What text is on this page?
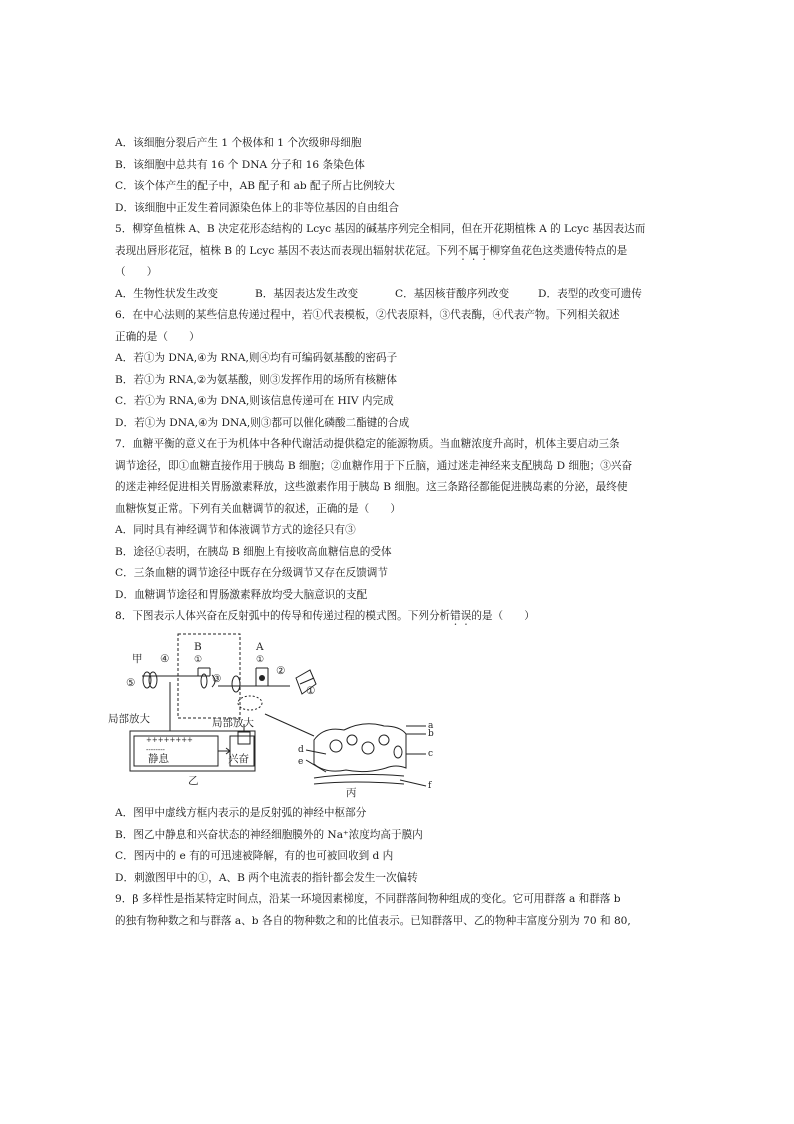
A．该细胞分裂后产生 1 个极体和 1 个次级卵母细胞
B．该细胞中总共有 16 个 DNA 分子和 16 条染色体
C．该个体产生的配子中，AB 配子和 ab 配子所占比例较大
D．该细胞中正发生着同源染色体上的非等位基因的自由组合
5．柳穿鱼植株 A、B 决定花形态结构的 Lcyc 基因的碱基序列完全相同，但在开花期植株 A 的 Lcyc 基因表达而
表现出唇形花冠，植株 B 的 Lcyc 基因不表达而表现出辐射状花冠。下列不属于柳穿鱼花色这类遗传特点的是
（　　）
A．生物性状发生改变	B．基因表达发生改变	C．基因核苷酸序列改变	D．表型的改变可遗传
6．在中心法则的某些信息传递过程中，若①代表模板，②代表原料，③代表酶，④代表产物。下列相关叙述
正确的是（　　）
A．若①为 DNA,④为 RNA,则④均有可编码氨基酸的密码子
B．若①为 RNA,②为氨基酸，则③发挥作用的场所有核糖体
C．若①为 RNA,④为 DNA,则该信息传递可在 HIV 内完成
D．若①为 DNA,④为 DNA,则③都可以催化磷酸二酯键的合成
7．血糖平衡的意义在于为机体中各种代谢活动提供稳定的能源物质。当血糖浓度升高时，机体主要启动三条
调节途径，即①血糖直接作用于胰岛 B 细胞；②血糖作用于下丘脑，通过迷走神经来支配胰岛 D 细胞；③兴奋
的迷走神经促进相关胃肠激素释放，这些激素作用于胰岛 B 细胞。这三条路径都能促进胰岛素的分泌，最终使
血糖恢复正常。下列有关血糖调节的叙述，正确的是（　　）
A．同时具有神经调节和体液调节方式的途径只有③
B．途径①表明，在胰岛 B 细胞上有接收高血糖信息的受体
C．三条血糖的调节途径中既存在分级调节又存在反馈调节
D．血糖调节途径和胃肠激素释放均受大脑意识的支配
8．下图表示人体兴奋在反射弧中的传导和传递过程的模式图。下列分析错误的是（　　）
甲 ④
B
①
③
A
①
②
①
⑤
局部放大	局部放大
静息	兴奋
乙
丙
a
b
c
d
e
f
++++++++
--------
A．图甲中虚线方框内表示的是反射弧的神经中枢部分
B．图乙中静息和兴奋状态的神经细胞膜外的 Na⁺浓度均高于膜内
C．图丙中的 e 有的可迅速被降解，有的也可被回收到 d 内
D．刺激图甲中的①，A、B 两个电流表的指针都会发生一次偏转
9．β 多样性是指某特定时间点，沿某一环境因素梯度，不同群落间物种组成的变化。它可用群落 a 和群落 b
的独有物种数之和与群落 a、b 各自的物种数之和的比值表示。已知群落甲、乙的物种丰富度分别为 70 和 80,
